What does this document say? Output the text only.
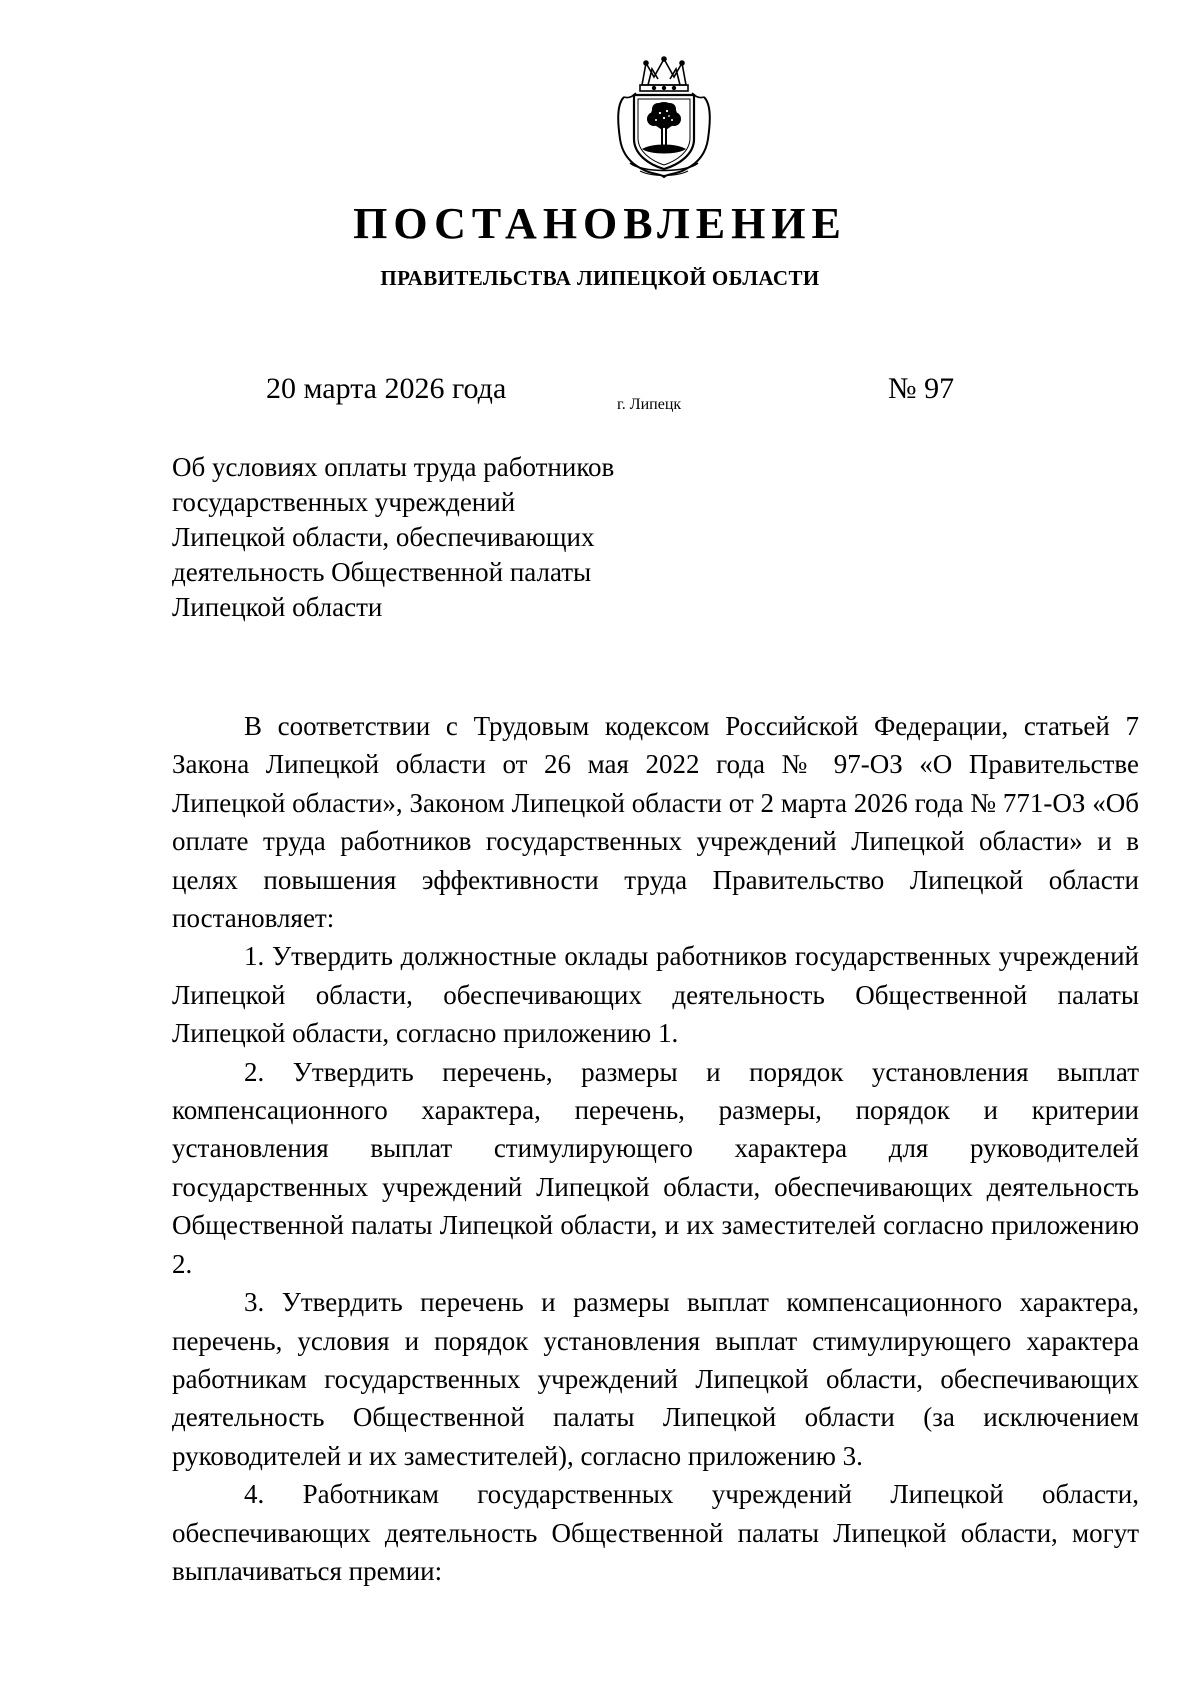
ПОСТАНОВЛЕНИЕ
ПРАВИТЕЛЬСТВА ЛИПЕЦКОЙ ОБЛАСТИ
20 марта 2026 года	г. Липецк	№ 97
Об условиях оплаты труда работников
государственных учреждений
Липецкой области, обеспечивающих
деятельность Общественной палаты
Липецкой области

В соответствии с Трудовым кодексом Российской Федерации, статьей 7 Закона Липецкой области от 26 мая 2022 года № 97-ОЗ «О Правительстве Липецкой области», Законом Липецкой области от 2 марта 2026 года № 771-ОЗ «Об оплате труда работников государственных учреждений Липецкой области» и в целях повышения эффективности труда Правительство Липецкой области постановляет:

1. Утвердить должностные оклады работников государственных учреждений Липецкой области, обеспечивающих деятельность Общественной палаты Липецкой области, согласно приложению 1.

2. Утвердить перечень, размеры и порядок установления выплат компенсационного характера, перечень, размеры, порядок и критерии установления выплат стимулирующего характера для руководителей государственных учреждений Липецкой области, обеспечивающих деятельность Общественной палаты Липецкой области, и их заместителей согласно приложению 2.

3. Утвердить перечень и размеры выплат компенсационного характера, перечень, условия и порядок установления выплат стимулирующего характера работникам государственных учреждений Липецкой области, обеспечивающих деятельность Общественной палаты Липецкой области (за исключением руководителей и их заместителей), согласно приложению 3.

4. Работникам государственных учреждений Липецкой области, обеспечивающих деятельность Общественной палаты Липецкой области, могут выплачиваться премии:
